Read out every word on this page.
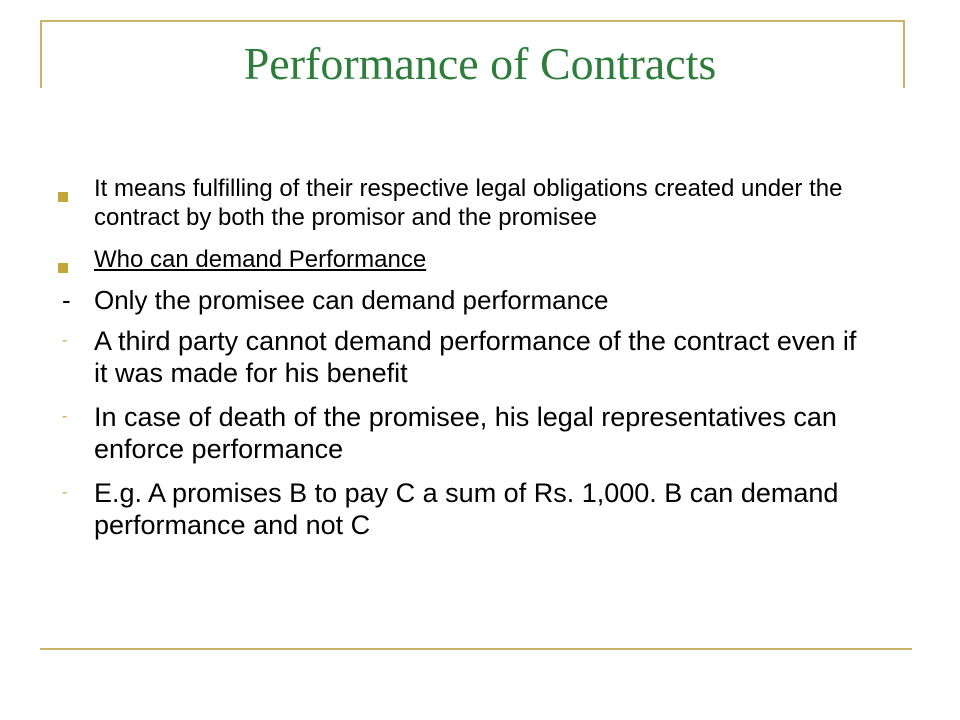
Performance of Contracts
It means fulfilling of their respective legal obligations created under the contract by both the promisor and the promisee
Who can demand Performance
- Only the promisee can demand performance
- A third party cannot demand performance of the contract even if it was made for his benefit
- In case of death of the promisee, his legal representatives can enforce performance
- E.g. A promises B to pay C a sum of Rs. 1,000. B can demand performance and not C
